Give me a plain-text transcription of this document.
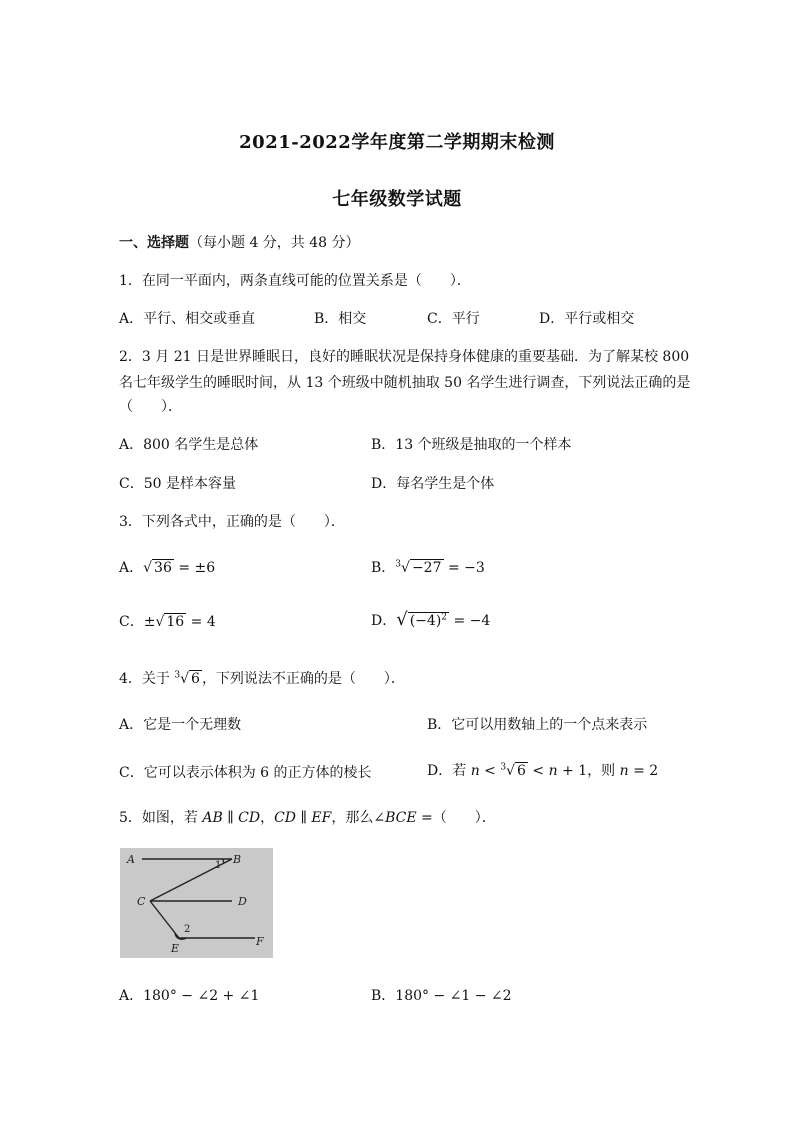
2021-2022学年度第二学期期末检测
七年级数学试题
一、选择题（每小题 4 分，共 48 分）
1．在同一平面内，两条直线可能的位置关系是（　　）．
A．平行、相交或垂直	B．相交	C．平行	D．平行或相交
2．3 月 21 日是世界睡眠日，良好的睡眠状况是保持身体健康的重要基础．为了解某校 800
名七年级学生的睡眠时间，从 13 个班级中随机抽取 50 名学生进行调查，下列说法正确的是
（　　）．
A．800 名学生是总体	B．13 个班级是抽取的一个样本
C．50 是样本容量	D．每名学生是个体
3．下列各式中，正确的是（　　）．
A．√ 36 = ±6	B．$^3$√ −27 = −3
C．±√ 16 = 4	D．√ $(-4)^2 = -4$
4．关于 $^3$√ 6 ，下列说法不正确的是（　　）．
A．它是一个无理数	B．它可以用数轴上的一个点来表示
C．它可以表示体积为 6 的正方体的棱长	D．若 n < $^3$√ 6 < n + 1，则 n = 2
5．如图，若 AB ∥ CD，CD ∥ EF，那么∠BCE =（　　）．
A	B
C	D
E
F
1
2
A．180° − ∠2 + ∠1	B．180° − ∠1 − ∠2
